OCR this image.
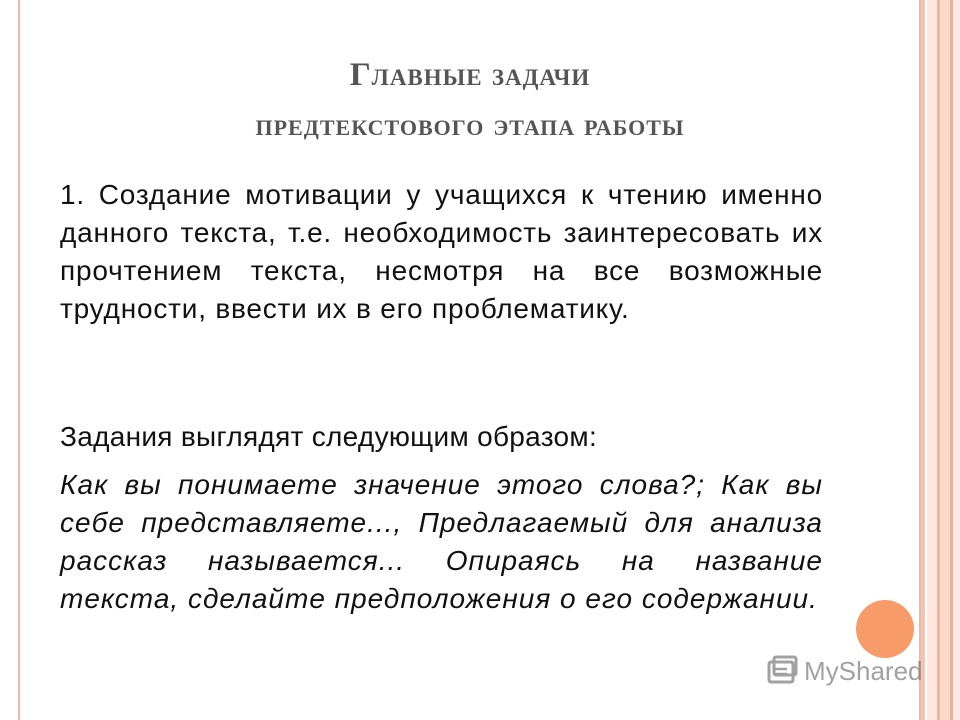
Главные задачи
предтекстового этапа работы
1. Создание мотивации у учащихся к чтению именно данного текста, т.е. необходимость заинтересовать их прочтением текста, несмотря на все возможные трудности, ввести их в его проблематику.
Задания выглядят следующим образом:
Как вы понимаете значение этого слова?; Как вы себе представляете..., Предлагаемый для анализа рассказ называется... Опираясь на название текста, сделайте предположения о его содержании.
MyShared
